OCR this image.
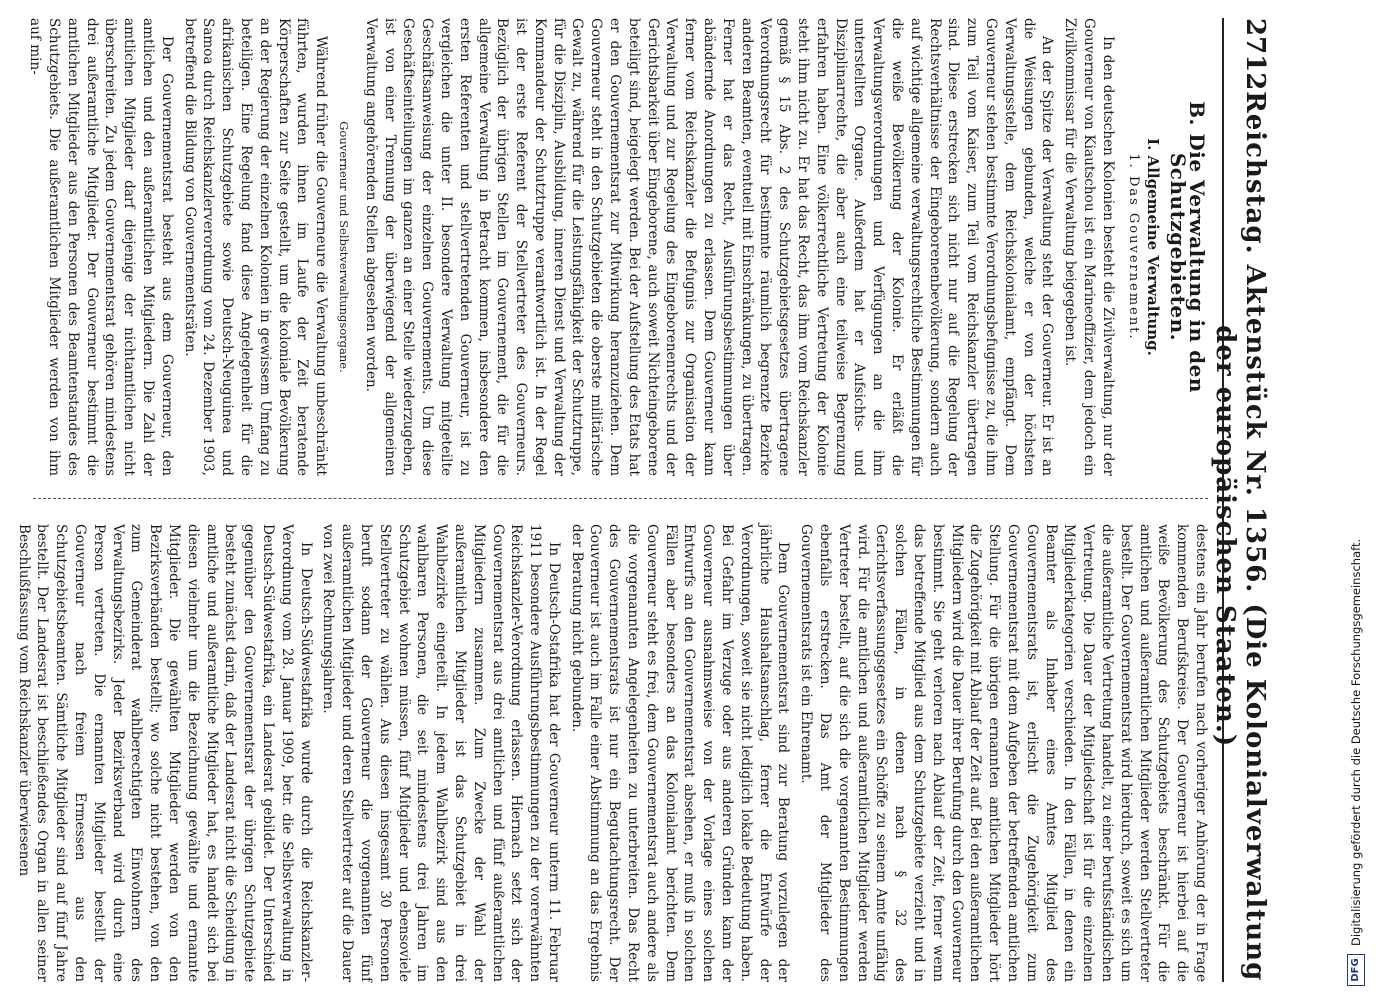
2712
Reichstag. Aktenstück Nr. 1356. (Die Kolonialverwaltung der europäischen Staaten.)
B. Die Verwaltung in den Schutzgebieten.
I. Allgemeine Verwaltung.
1. Das Gouvernement.

In den deutschen Kolonien besteht die Zivilverwaltung, nur der Gouverneur von Kiautschou ist ein Marineoffizier, dem jedoch ein Zivilkommissar für die Verwaltung beigegeben ist.

An der Spitze der Verwaltung steht der Gouverneur. Er ist an die Weisungen gebunden, welche er von der höchsten Verwaltungsstelle, dem Reichskolonialamt, empfängt. Dem Gouverneur stehen bestimmte Verordnungsbefugnisse zu, die ihm zum Teil vom Kaiser, zum Teil vom Reichskanzler übertragen sind. Diese erstrecken sich nicht nur auf die Regelung der Rechtsverhältnisse der Eingeborenenbevölkerung, sondern auch auf wichtige allgemeine verwaltungsrechtliche Bestimmungen für die weiße Bevölkerung der Kolonie. Er erläßt die Verwaltungsverordnungen und Verfügungen an die ihm unterstellten Organe. Außerdem hat er Aufsichts- und Disziplinarrechte, die aber auch eine teilweise Begrenzung erfahren haben. Eine völkerrechtliche Vertretung der Kolonie steht ihm nicht zu. Er hat das Recht, das ihm vom Reichskanzler gemäß § 15 Abs. 2 des Schutzgebietsgesetzes übertragene Verordnungsrecht für bestimmte räumlich begrenzte Bezirke anderen Beamten, eventuell mit Einschränkungen, zu übertragen. Ferner hat er das Recht, Ausführungsbestimmungen über abändernde Anordnungen zu erlassen. Dem Gouverneur kann ferner vom Reichskanzler die Befugnis zur Organisation der Verwaltung und zur Regelung des Eingeborenenrechts und der Gerichtsbarkeit über Eingeborene, auch soweit Nichteingeborene beteiligt sind, beigelegt werden. Bei der Aufstellung des Etats hat er den Gouvernementsrat zur Mitwirkung heranzuziehen. Dem Gouverneur steht in den Schutzgebieten die oberste militärische Gewalt zu, während für die Leistungsfähigkeit der Schutztruppe, für die Disziplin, Ausbildung, inneren Dienst und Verwaltung der Kommandeur der Schutztruppe verantwortlich ist. In der Regel ist der erste Referent der Stellvertreter des Gouverneurs. Bezüglich der übrigen Stellen im Gouvernement, die für die allgemeine Verwaltung in Betracht kommen, insbesondere den ersten Referenten und stellvertretenden Gouverneur, ist zu vergleichen die unter II. besondere Verwaltung mitgeteilte Geschäftsanweisung der einzelnen Gouvernements. Um diese Geschäftseinteilungen im ganzen an einer Stelle wiederzugeben, ist von einer Trennung der überwiegend der allgemeinen Verwaltung angehörenden Stellen abgesehen worden.

Gouverneur und Selbstverwaltungsorgane.

Während früher die Gouverneure die Verwaltung unbeschränkt führten, wurden ihnen im Laufe der Zeit beratende Körperschaften zur Seite gestellt, um die koloniale Bevölkerung an der Regierung der einzelnen Kolonien in gewissem Umfang zu beteiligen. Eine Regelung fand diese Angelegenheit für die afrikanischen Schutzgebiete sowie Deutsch-Neuguinea und Samoa durch Reichskanzlerverordnung vom 24. Dezember 1903, betreffend die Bildung von Gouvernementsräten.

Der Gouvernementsrat besteht aus dem Gouverneur, den amtlichen und den außeramtlichen Mitgliedern. Die Zahl der amtlichen Mitglieder darf diejenige der nichtamtlichen nicht überschreiten. Zu jedem Gouvernementsrat gehören mindestens drei außeramtliche Mitglieder. Der Gouverneur bestimmt die amtlichen Mitglieder aus den Personen des Beamtenstandes des Schutzgebiets. Die außeramtlichen Mitglieder werden von ihm auf min-

destens ein Jahr berufen nach vorheriger Anhörung der in Frage kommenden Berufskreise. Der Gouverneur ist hierbei auf die weiße Bevölkerung des Schutzgebiets beschränkt. Für die amtlichen und außeramtlichen Mitglieder werden Stellvertreter bestellt. Der Gouvernementsrat wird hierdurch, soweit es sich um die außeramtliche Vertretung handelt, zu einer berufsständischen Vertretung. Die Dauer der Mitgliedschaft ist für die einzelnen Mitgliederkategorien verschieden. In den Fällen, in denen ein Beamter als Inhaber eines Amtes Mitglied des Gouvernementsrats ist, erlischt die Zugehörigkeit zum Gouvernementsrat mit dem Aufgeben der betreffenden amtlichen Stellung. Für die übrigen ernannten amtlichen Mitglieder hört die Zugehörigkeit mit Ablauf der Zeit auf. Bei den außeramtlichen Mitgliedern wird die Dauer ihrer Berufung durch den Gouverneur bestimmt. Sie geht verloren nach Ablauf der Zeit, ferner wenn das betreffende Mitglied aus dem Schutzgebiete verzieht und in solchen Fällen, in denen nach § 32 des Gerichtsverfassungsgesetzes ein Schöffe zu seinem Amte unfähig wird. Für die amtlichen und außeramtlichen Mitglieder werden Vertreter bestellt, auf die sich die vorgenannten Bestimmungen ebenfalls erstrecken. Das Amt der Mitglieder des Gouvernementsrats ist ein Ehrenamt.

Dem Gouvernementsrat sind zur Beratung vorzulegen der jährliche Haushaltsanschlag, ferner die Entwürfe der Verordnungen, soweit sie nicht lediglich lokale Bedeutung haben. Bei Gefahr im Verzuge oder aus anderen Gründen kann der Gouverneur ausnahmsweise von der Vorlage eines solchen Entwurfs an den Gouvernementsrat absehen, er muß in solchen Fällen aber besonders an das Kolonialamt berichten. Dem Gouverneur steht es frei, dem Gouvernementsrat auch andere als die vorgenannten Angelegenheiten zu unterbreiten. Das Recht des Gouvernementsrats ist nur ein Begutachtungsrecht. Der Gouverneur ist auch im Falle einer Abstimmung an das Ergebnis der Beratung nicht gebunden.

In Deutsch-Ostafrika hat der Gouverneur unterm 11. Februar 1911 besondere Ausführungsbestimmungen zu der vorerwähnten Reichskanzler-Verordnung erlassen. Hiernach setzt sich der Gouvernementsrat aus drei amtlichen und fünf außeramtlichen Mitgliedern zusammen. Zum Zwecke der Wahl der außeramtlichen Mitglieder ist das Schutzgebiet in drei Wahlbezirke eingeteilt. In jedem Wahlbezirk sind aus den wahlbaren Personen, die seit mindestens drei Jahren im Schutzgebiet wohnen müssen, fünf Mitglieder und ebensoviele Stellvertreter zu wählen. Aus diesen insgesamt 30 Personen beruft sodann der Gouverneur die vorgenannten fünf außeramtlichen Mitglieder und deren Stellvertreter auf die Dauer von zwei Rechnungsjahren.

In Deutsch-Südwestafrika wurde durch die Reichskanzler-Verordnung vom 28. Januar 1909, betr. die Selbstverwaltung in Deutsch-Südwestafrika, ein Landesrat gebildet. Der Unterschied gegenüber den Gouvernementsrat der übrigen Schutzgebiete besteht zunächst darin, daß der Landesrat nicht die Scheidung in amtliche und außeramtliche Mitglieder hat, es handelt sich bei diesen vielmehr um die Bezeichnung gewählte und ernannte Mitglieder. Die gewählten Mitglieder werden von den Bezirksverbänden bestellt; wo solche nicht bestehen, von den zum Gemeinderat wahlberechtigten Einwohnern des Verwaltungsbezirks. Jeder Bezirksverband wird durch eine Person vertreten. Die ernannten Mitglieder bestellt der Gouverneur nach freiem Ermessen aus den Schutzgebietsbeamten. Sämtliche Mitglieder sind auf fünf Jahre bestellt. Der Landesrat ist beschließendes Organ in allen seiner Beschlußfassung vom Reichskanzler überwiesenen

DFG
Digitalisierung gefördert durch die Deutsche Forschungsgemeinschaft.
